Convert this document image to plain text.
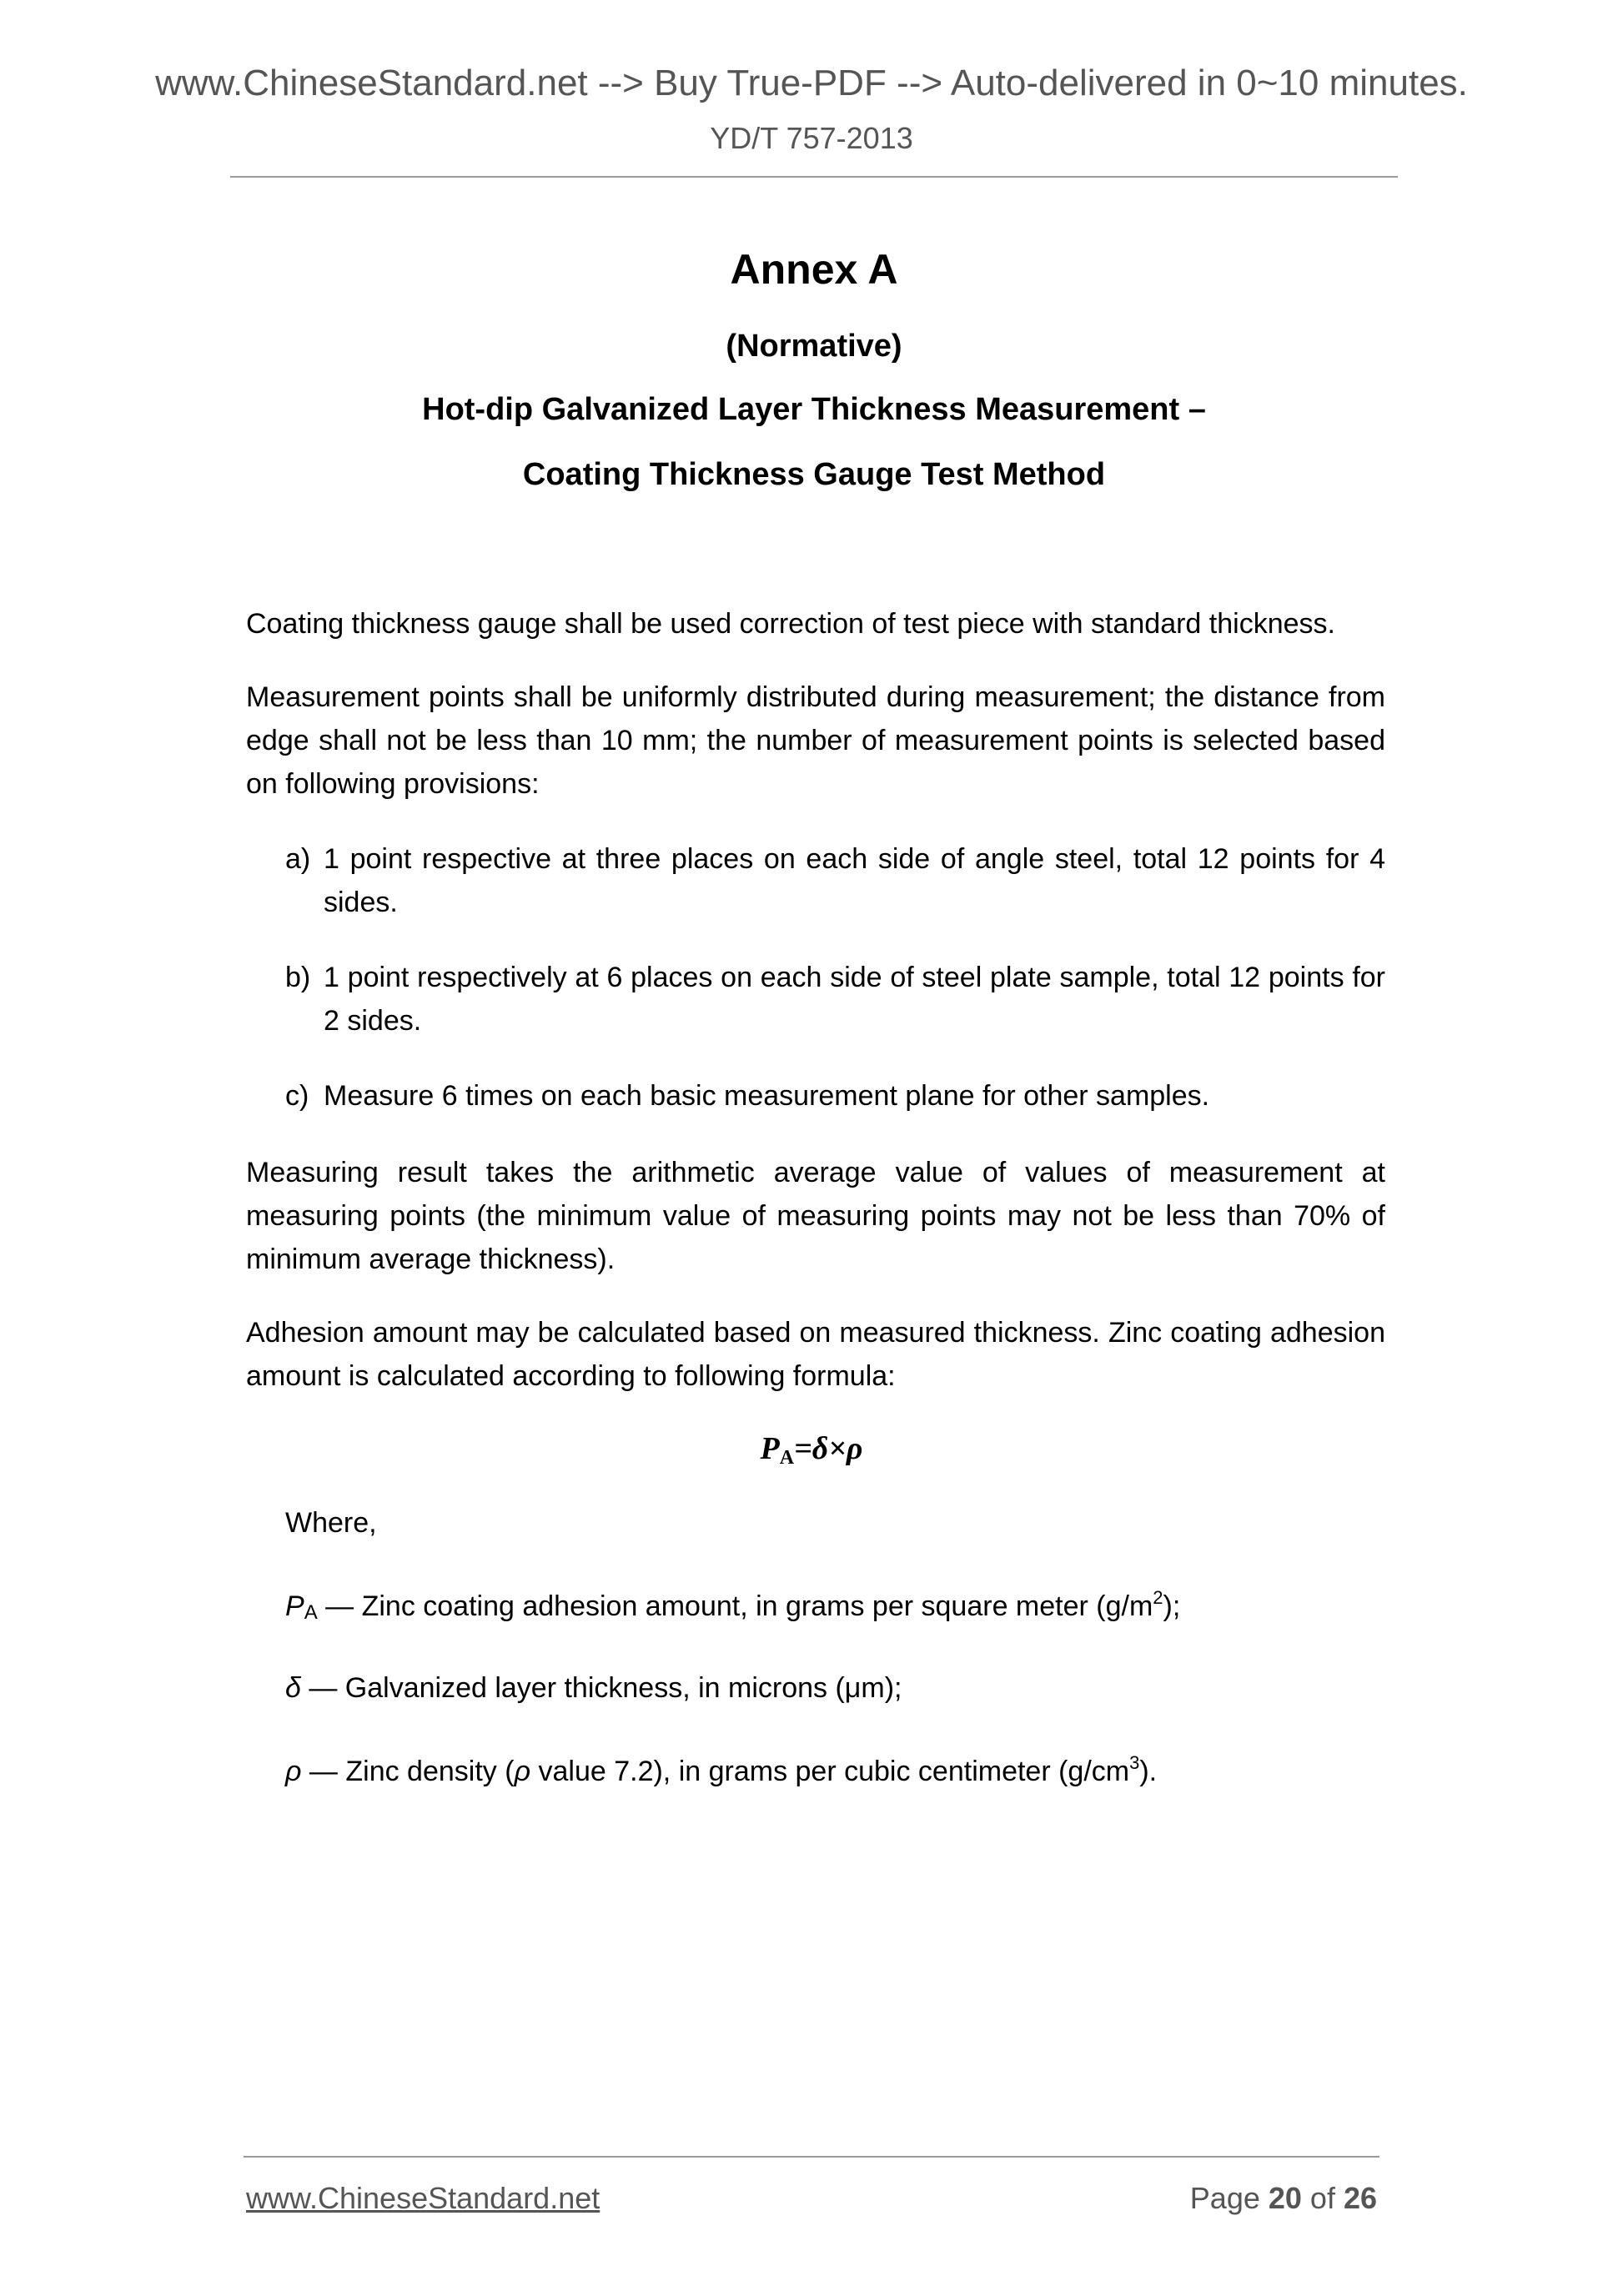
www.ChineseStandard.net --> Buy True-PDF --> Auto-delivered in 0~10 minutes.
YD/T 757-2013
Annex A
(Normative)
Hot-dip Galvanized Layer Thickness Measurement –
Coating Thickness Gauge Test Method
Coating thickness gauge shall be used correction of test piece with standard thickness.
Measurement points shall be uniformly distributed during measurement; the distance from edge shall not be less than 10 mm; the number of measurement points is selected based on following provisions:
a) 1 point respective at three places on each side of angle steel, total 12 points for 4 sides.
b) 1 point respectively at 6 places on each side of steel plate sample, total 12 points for 2 sides.
c) Measure 6 times on each basic measurement plane for other samples.
Measuring result takes the arithmetic average value of values of measurement at measuring points (the minimum value of measuring points may not be less than 70% of minimum average thickness).
Adhesion amount may be calculated based on measured thickness. Zinc coating adhesion amount is calculated according to following formula:
$P_A=\delta\times\rho$
Where,
PA — Zinc coating adhesion amount, in grams per square meter $(g/m^2)$;
δ — Galvanized layer thickness, in microns (μm);
ρ — Zinc density (ρ value 7.2), in grams per cubic centimeter $(g/cm^3)$.
www.ChineseStandard.net	Page 20 of 26
